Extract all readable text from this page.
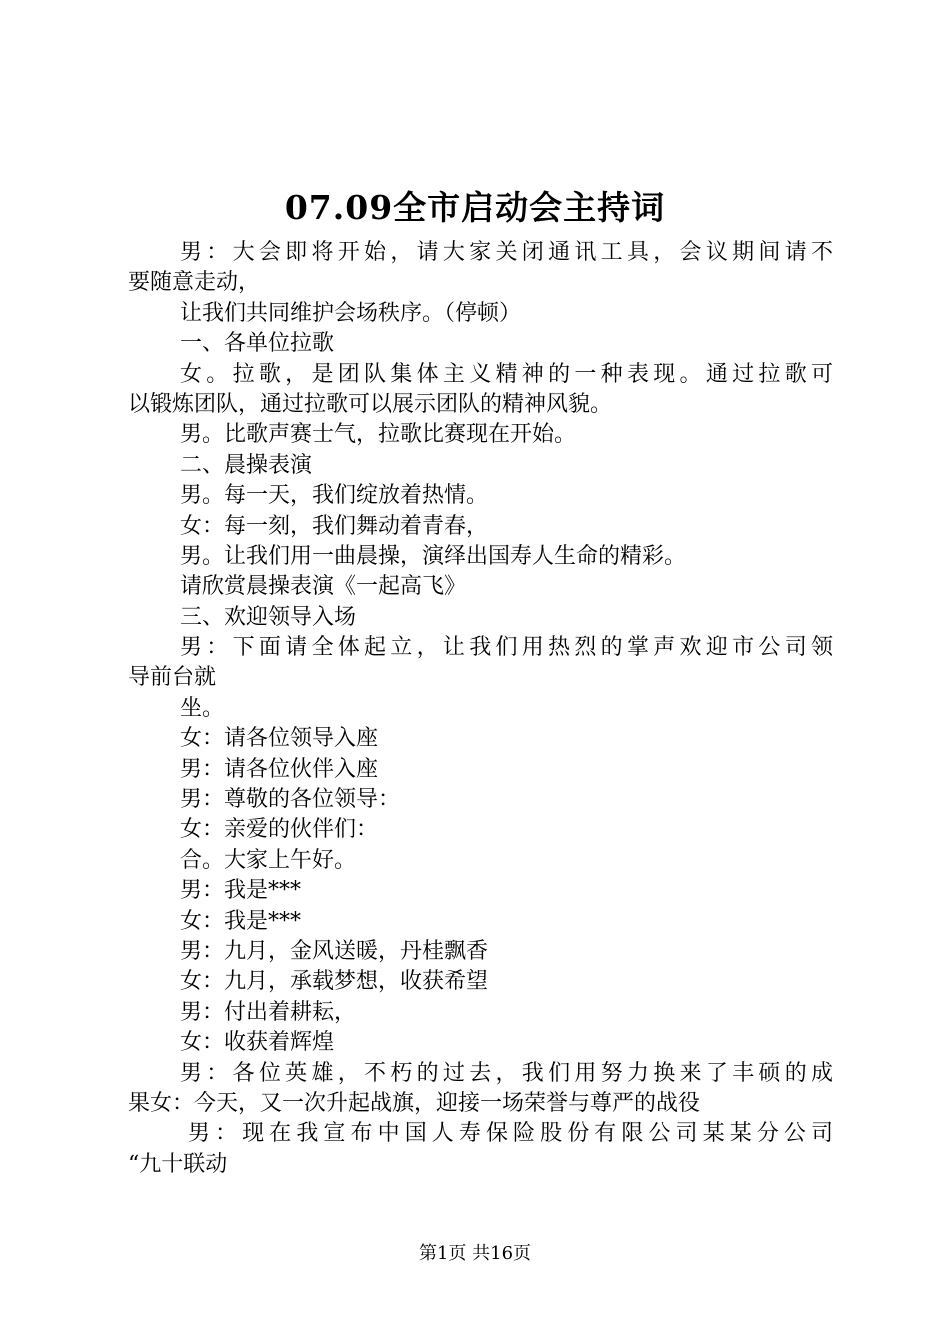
07.09全市启动会主持词
男：大会即将开始，请大家关闭通讯工具，会议期间请不
要随意走动，
让我们共同维护会场秩序。（停顿）
一、各单位拉歌
女。拉歌，是团队集体主义精神的一种表现。通过拉歌可
以锻炼团队，通过拉歌可以展示团队的精神风貌。
男。比歌声赛士气，拉歌比赛现在开始。
二、晨操表演
男。每一天，我们绽放着热情。
女：每一刻，我们舞动着青春，
男。让我们用一曲晨操，演绎出国寿人生命的精彩。
请欣赏晨操表演《一起高飞》
三、欢迎领导入场
男：下面请全体起立，让我们用热烈的掌声欢迎市公司领
导前台就
坐。
女：请各位领导入座
男：请各位伙伴入座
男：尊敬的各位领导：
女：亲爱的伙伴们：
合。大家上午好。
男：我是***
女：我是***
男：九月，金风送暖，丹桂飘香
女：九月，承载梦想，收获希望
男：付出着耕耘，
女：收获着辉煌
男：各位英雄，不朽的过去，我们用努力换来了丰硕的成
果女：今天，又一次升起战旗，迎接一场荣誉与尊严的战役
男：现在我宣布中国人寿保险股份有限公司某某分公司
“九十联动
第1页 共16页
